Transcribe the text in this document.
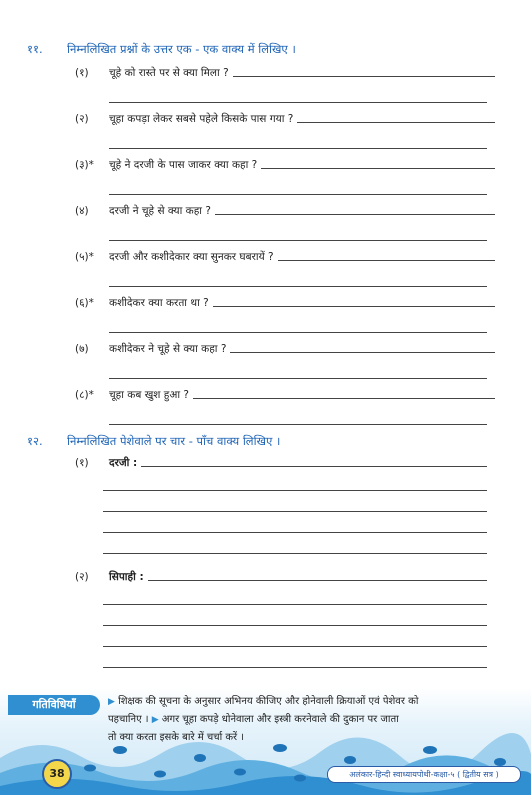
११. निम्नलिखित प्रश्नों के उत्तर एक - एक वाक्य में लिखिए ।
(१)	चूहे को रास्ते पर से क्या मिला ?
(२)	चूहा कपड़ा लेकर सबसे पहेले किसके पास गया ?
(३)*	चूहे ने दरजी के पास जाकर क्या कहा ?
(४)	दरजी ने चूहे से क्या कहा ?
(५)*	दरजी और कशीदेकार क्या सुनकर घबरायें ?
(६)*	कशीदेकर क्या करता था ?
(७)	कशीदेकर ने चूहे से क्या कहा ?
(८)*	चूहा कब खुश हुआ ?
१२. निम्नलिखित पेशेवाले पर चार - पाँच वाक्य लिखिए ।
(१)	दरजी :
(२)	सिपाही :
गतिविधियाँ	▶ शिक्षक की सूचना के अनुसार अभिनय कीजिए और होनेवाली क्रियाओं एवं पेशेवर को
पहचानिए । ▶ अगर चूहा कपड़े धोनेवाला और इस्त्री करनेवाले की दुकान पर जाता
तो क्या करता इसके बारे में चर्चा करें ।
38	अलंकार-हिन्दी स्वाध्यायपोथी-कक्षा-५ ( द्वितीय सत्र )
